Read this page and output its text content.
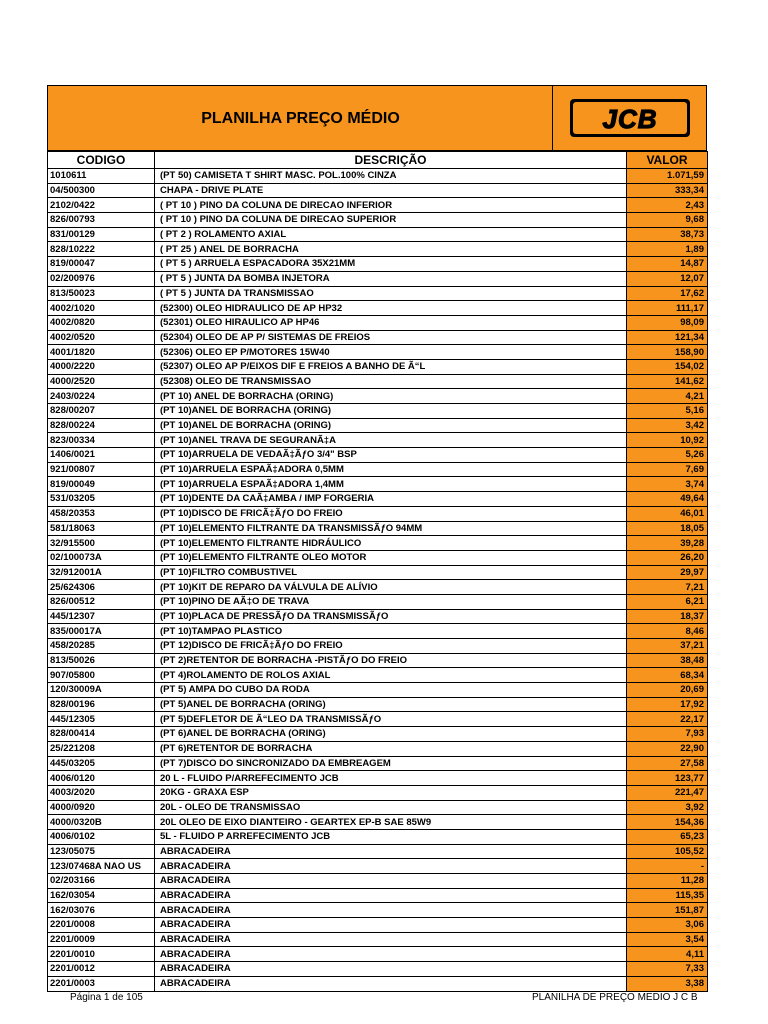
PLANILHA PREÇO MÉDIO	JCB
CODIGO	DESCRIÇÃO	VALOR
1010611	(PT 50) CAMISETA T SHIRT MASC. POL.100% CINZA	1.071,59
04/500300	CHAPA - DRIVE PLATE	333,34
2102/0422	( PT 10 ) PINO DA COLUNA DE DIRECAO INFERIOR	2,43
826/00793	( PT 10 ) PINO DA COLUNA DE DIRECAO SUPERIOR	9,68
831/00129	( PT 2 ) ROLAMENTO AXIAL	38,73
828/10222	( PT 25 ) ANEL DE BORRACHA	1,89
819/00047	( PT 5 ) ARRUELA ESPACADORA 35X21MM	14,87
02/200976	( PT 5 ) JUNTA DA BOMBA INJETORA	12,07
813/50023	( PT 5 ) JUNTA DA TRANSMISSAO	17,62
4002/1020	(52300) OLEO HIDRAULICO DE AP HP32	111,17
4002/0820	(52301) OLEO HIRAULICO AP HP46	98,09
4002/0520	(52304) OLEO DE AP P/ SISTEMAS DE FREIOS	121,34
4001/1820	(52306) OLEO EP P/MOTORES 15W40	158,90
4000/2220	(52307) OLEO AP P/EIXOS DIF E FREIOS A BANHO DE Ã“L	154,02
4000/2520	(52308) OLEO DE TRANSMISSAO	141,62
2403/0224	(PT 10) ANEL DE BORRACHA (ORING)	4,21
828/00207	(PT 10)ANEL DE BORRACHA (ORING)	5,16
828/00224	(PT 10)ANEL DE BORRACHA (ORING)	3,42
823/00334	(PT 10)ANEL TRAVA DE SEGURANÃ‡A	10,92
1406/0021	(PT 10)ARRUELA DE VEDAÃ‡ÃƒO 3/4" BSP	5,26
921/00807	(PT 10)ARRUELA ESPAÃ‡ADORA 0,5MM	7,69
819/00049	(PT 10)ARRUELA ESPAÃ‡ADORA 1,4MM	3,74
531/03205	(PT 10)DENTE DA CAÃ‡AMBA / IMP FORGERIA	49,64
458/20353	(PT 10)DISCO DE FRICÃ‡ÃƒO DO FREIO	46,01
581/18063	(PT 10)ELEMENTO FILTRANTE DA TRANSMISSÃƒO 94MM	18,05
32/915500	(PT 10)ELEMENTO FILTRANTE HIDRÁULICO	39,28
02/100073A	(PT 10)ELEMENTO FILTRANTE OLEO MOTOR	26,20
32/912001A	(PT 10)FILTRO COMBUSTIVEL	29,97
25/624306	(PT 10)KIT DE REPARO DA VÁLVULA DE ALÍVIO	7,21
826/00512	(PT 10)PINO DE AÃ‡O DE TRAVA	6,21
445/12307	(PT 10)PLACA DE PRESSÃƒO DA TRANSMISSÃƒO	18,37
835/00017A	(PT 10)TAMPAO PLASTICO	8,46
458/20285	(PT 12)DISCO DE FRICÃ‡ÃƒO DO FREIO	37,21
813/50026	(PT 2)RETENTOR DE BORRACHA -PISTÃƒO DO FREIO	38,48
907/05800	(PT 4)ROLAMENTO DE ROLOS AXIAL	68,34
120/30009A	(PT 5) AMPA DO CUBO DA RODA	20,69
828/00196	(PT 5)ANEL DE BORRACHA (ORING)	17,92
445/12305	(PT 5)DEFLETOR DE Ã“LEO DA TRANSMISSÃƒO	22,17
828/00414	(PT 6)ANEL DE BORRACHA (ORING)	7,93
25/221208	(PT 6)RETENTOR DE BORRACHA	22,90
445/03205	(PT 7)DISCO DO SINCRONIZADO DA EMBREAGEM	27,58
4006/0120	20 L - FLUIDO P/ARREFECIMENTO JCB	123,77
4003/2020	20KG - GRAXA ESP	221,47
4000/0920	20L - OLEO DE TRANSMISSAO	3,92
4000/0320B	20L OLEO DE EIXO DIANTEIRO - GEARTEX EP-B SAE 85W9	154,36
4006/0102	5L - FLUIDO P ARREFECIMENTO JCB	65,23
123/05075	ABRACADEIRA	105,52
123/07468A NAO US	ABRACADEIRA	-
02/203166	ABRACADEIRA	11,28
162/03054	ABRACADEIRA	115,35
162/03076	ABRACADEIRA	151,87
2201/0008	ABRACADEIRA	3,06
2201/0009	ABRACADEIRA	3,54
2201/0010	ABRACADEIRA	4,11
2201/0012	ABRACADEIRA	7,33
2201/0003	ABRACADEIRA	3,38
Página 1 de 105	PLANILHA DE PREÇO MEDIO J C B
